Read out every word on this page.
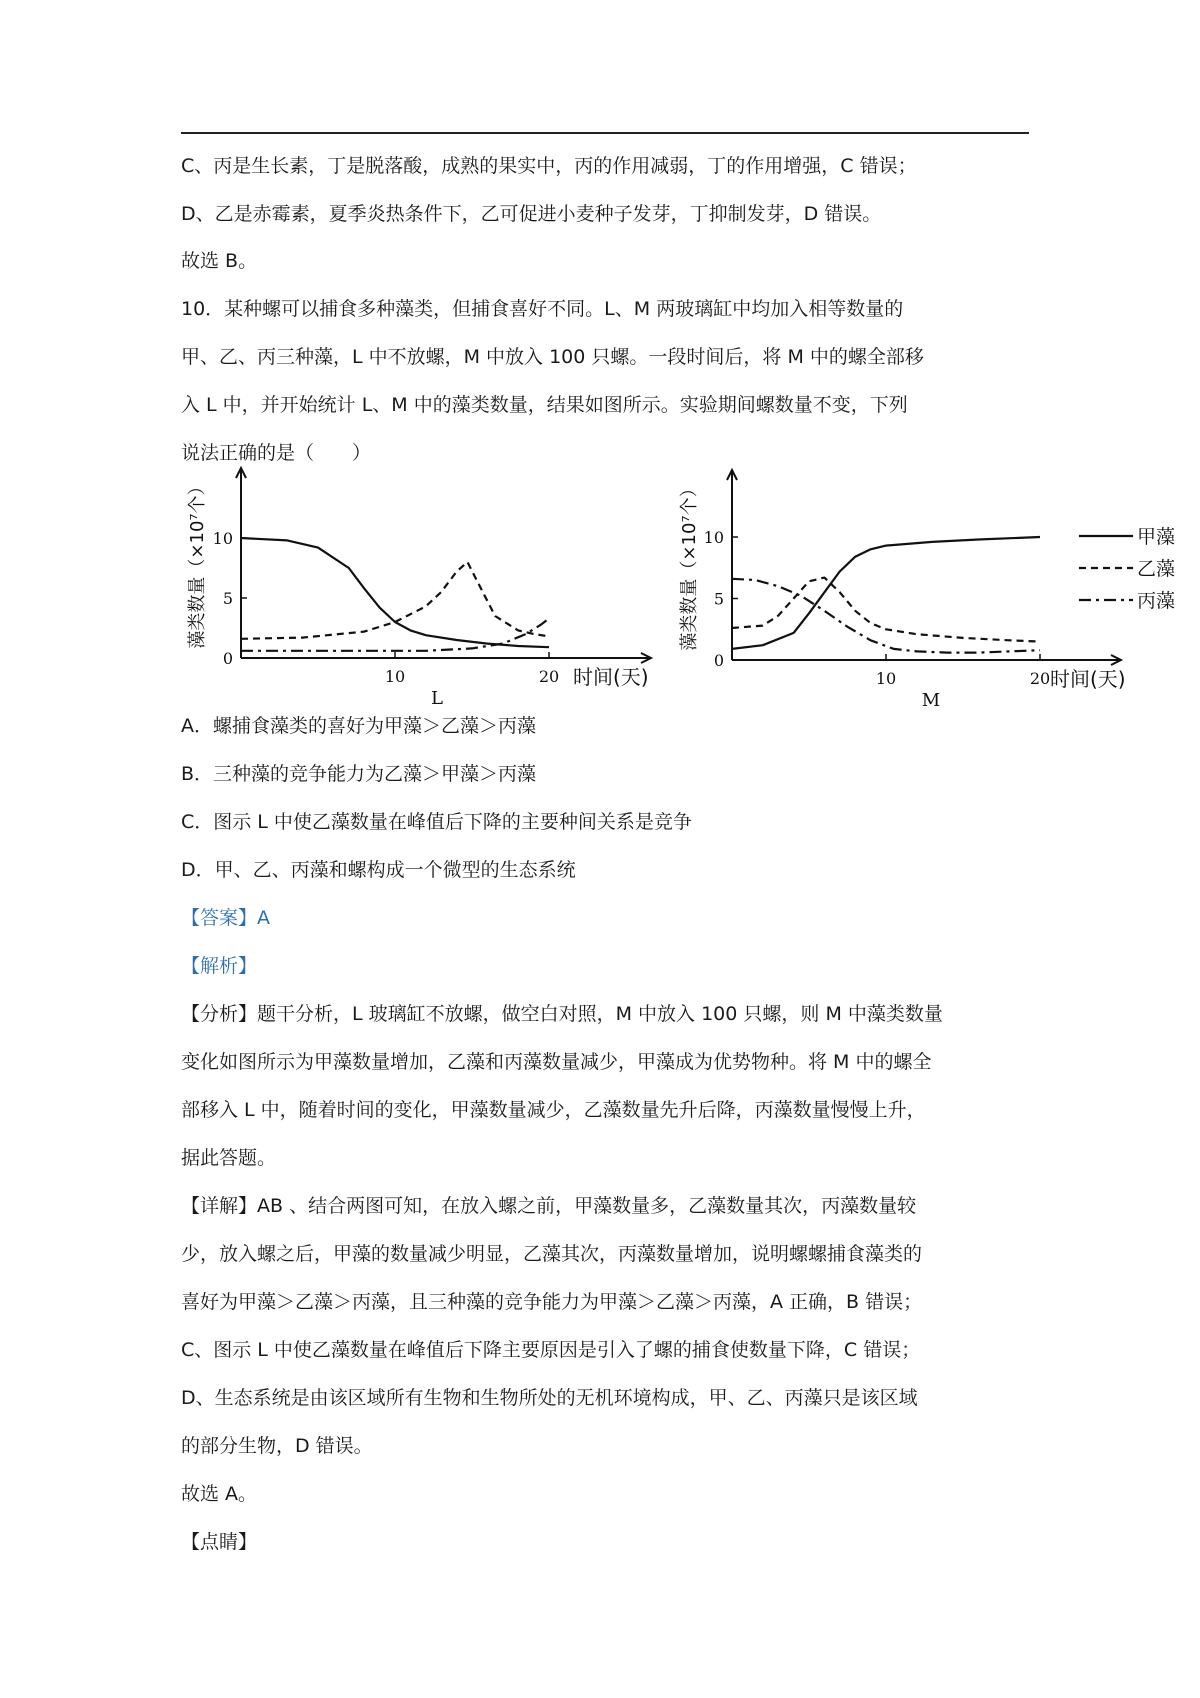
C、丙是生长素，丁是脱落酸，成熟的果实中，丙的作用减弱，丁的作用增强，C 错误；
D、乙是赤霉素，夏季炎热条件下，乙可促进小麦种子发芽，丁抑制发芽，D 错误。
故选 B。
10．某种螺可以捕食多种藻类，但捕食喜好不同。L、M 两玻璃缸中均加入相等数量的
甲、乙、丙三种藻，L 中不放螺，M 中放入 100 只螺。一段时间后，将 M 中的螺全部移
入 L 中，并开始统计 L、M 中的藻类数量，结果如图所示。实验期间螺数量不变，下列
说法正确的是（　　）
0
5
10
10	20 时间(天)
藻类数量（×10⁷个）
L
0
5
10
10	20 时间(天)
藻类数量（×10⁷个）
M
甲藻
乙藻
丙藻
A．螺捕食藻类的喜好为甲藻＞乙藻＞丙藻
B．三种藻的竞争能力为乙藻＞甲藻＞丙藻
C．图示 L 中使乙藻数量在峰值后下降的主要种间关系是竞争
D．甲、乙、丙藻和螺构成一个微型的生态系统
【答案】A
【解析】
【分析】题干分析，L 玻璃缸不放螺，做空白对照，M 中放入 100 只螺，则 M 中藻类数量
变化如图所示为甲藻数量增加，乙藻和丙藻数量减少，甲藻成为优势物种。将 M 中的螺全
部移入 L 中，随着时间的变化，甲藻数量减少，乙藻数量先升后降，丙藻数量慢慢上升，
据此答题。
【详解】AB 、结合两图可知，在放入螺之前，甲藻数量多，乙藻数量其次，丙藻数量较
少，放入螺之后，甲藻的数量减少明显，乙藻其次，丙藻数量增加，说明螺螺捕食藻类的
喜好为甲藻＞乙藻＞丙藻，且三种藻的竞争能力为甲藻＞乙藻＞丙藻，A 正确，B 错误；
C、图示 L 中使乙藻数量在峰值后下降主要原因是引入了螺的捕食使数量下降，C 错误；
D、生态系统是由该区域所有生物和生物所处的无机环境构成，甲、乙、丙藻只是该区域
的部分生物，D 错误。
故选 A。
【点睛】
